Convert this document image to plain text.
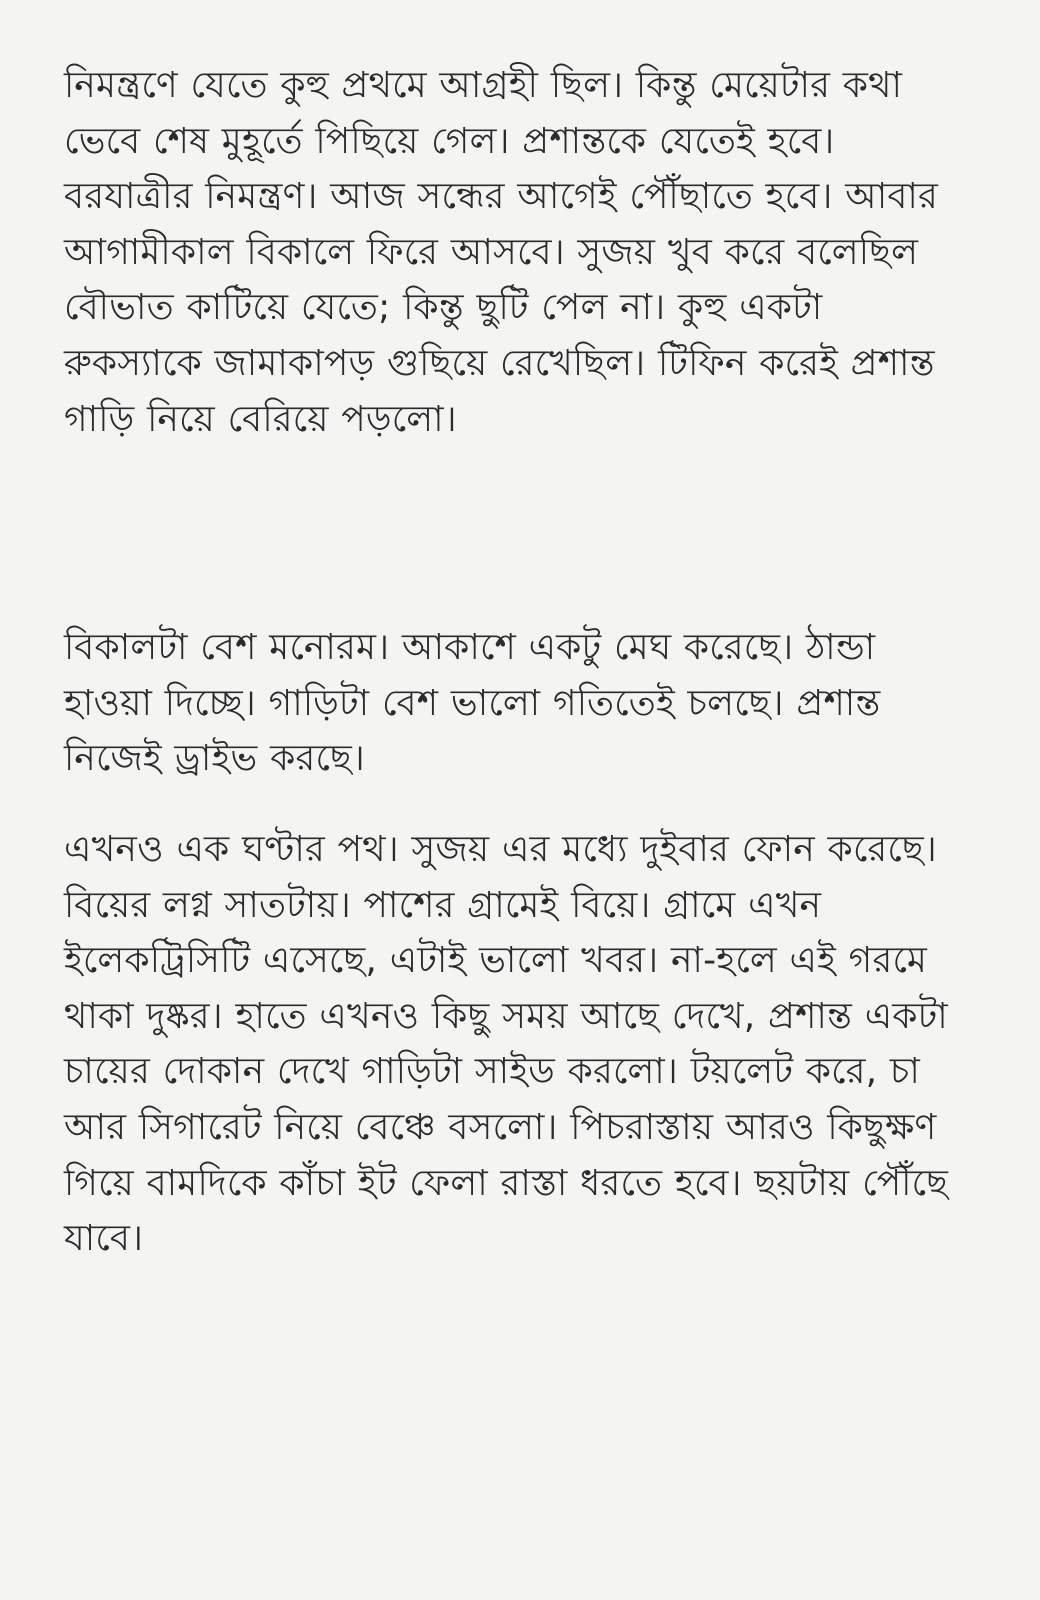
নিমন্ত্রণে যেতে কুহু প্রথমে আগ্রহী ছিল। কিন্তু মেয়েটার কথা ভেবে শেষ মুহূর্তে পিছিয়ে গেল। প্রশান্তকে যেতেই হবে। বরযাত্রীর নিমন্ত্রণ। আজ সন্ধের আগেই পৌঁছাতে হবে। আবার আগামীকাল বিকালে ফিরে আসবে। সুজয় খুব করে বলেছিল বৌভাত কাটিয়ে যেতে; কিন্তু ছুটি পেল না। কুহু একটা রুকস্যাকে জামাকাপড় গুছিয়ে রেখেছিল। টিফিন করেই প্রশান্ত গাড়ি নিয়ে বেরিয়ে পড়লো।

বিকালটা বেশ মনোরম। আকাশে একটু মেঘ করেছে। ঠান্ডা হাওয়া দিচ্ছে। গাড়িটা বেশ ভালো গতিতেই চলছে। প্রশান্ত নিজেই ড্রাইভ করছে।

এখনও এক ঘণ্টার পথ। সুজয় এর মধ্যে দুইবার ফোন করেছে। বিয়ের লগ্ন সাতটায়। পাশের গ্রামেই বিয়ে। গ্রামে এখন ইলেকট্রিসিটি এসেছে, এটাই ভালো খবর। না-হলে এই গরমে থাকা দুষ্কর। হাতে এখনও কিছু সময় আছে দেখে, প্রশান্ত একটা চায়ের দোকান দেখে গাড়িটা সাইড করলো। টয়লেট করে, চা আর সিগারেট নিয়ে বেঞ্চে বসলো। পিচরাস্তায় আরও কিছুক্ষণ গিয়ে বামদিকে কাঁচা ইট ফেলা রাস্তা ধরতে হবে। ছয়টায় পৌঁছে যাবে।
